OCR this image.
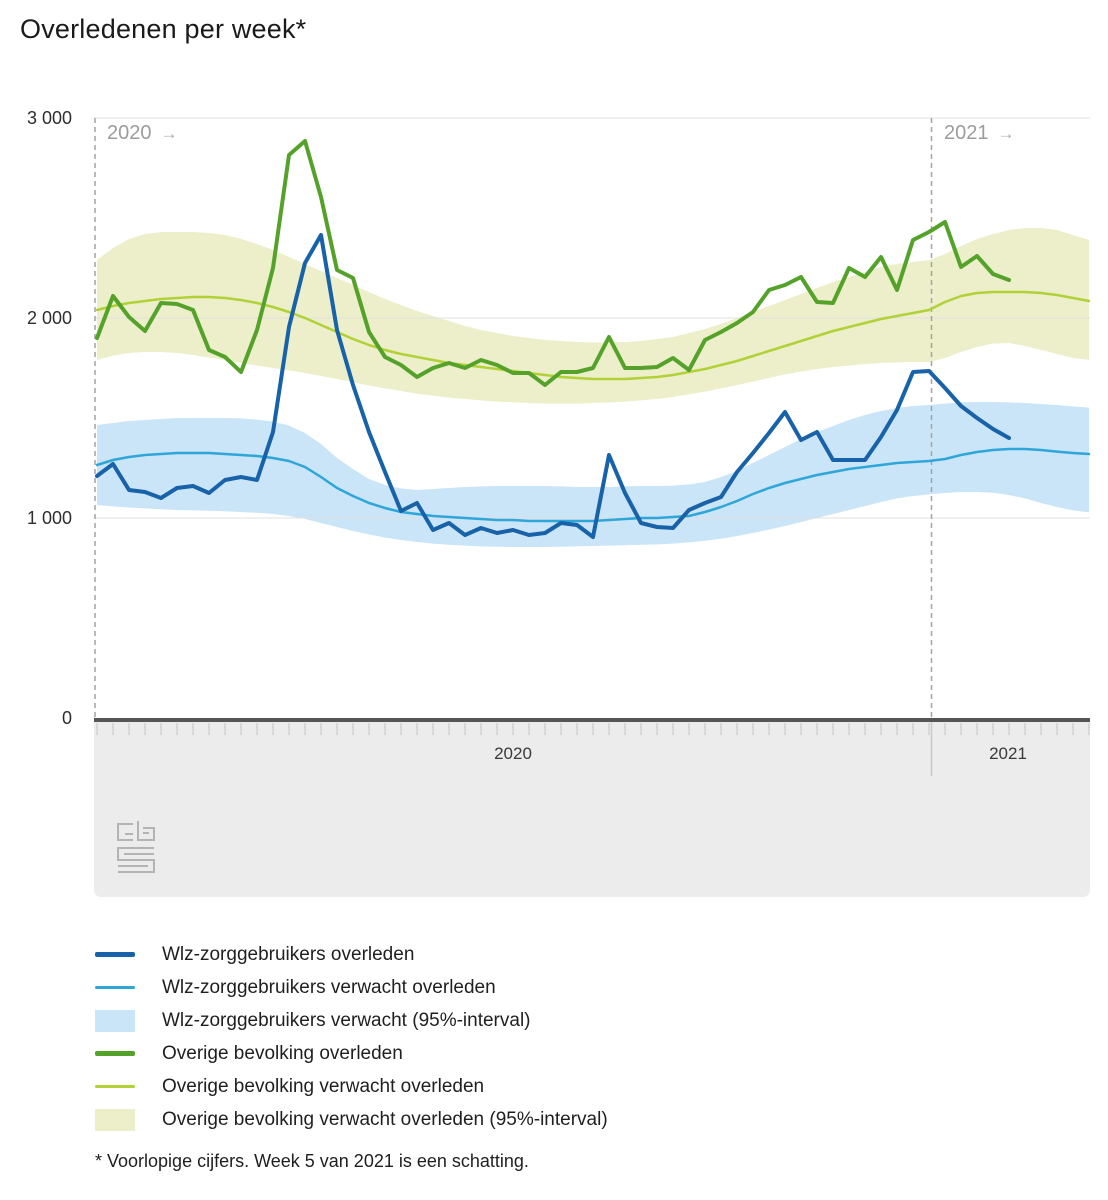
Overledenen per week*
3 000
2 000
1 000
0
2020 →	2021 →
2020	2021
Wlz-zorggebruikers overleden
Wlz-zorggebruikers verwacht overleden
Wlz-zorggebruikers verwacht (95%-interval)
Overige bevolking overleden
Overige bevolking verwacht overleden
Overige bevolking verwacht overleden (95%-interval)
* Voorlopige cijfers. Week 5 van 2021 is een schatting.
